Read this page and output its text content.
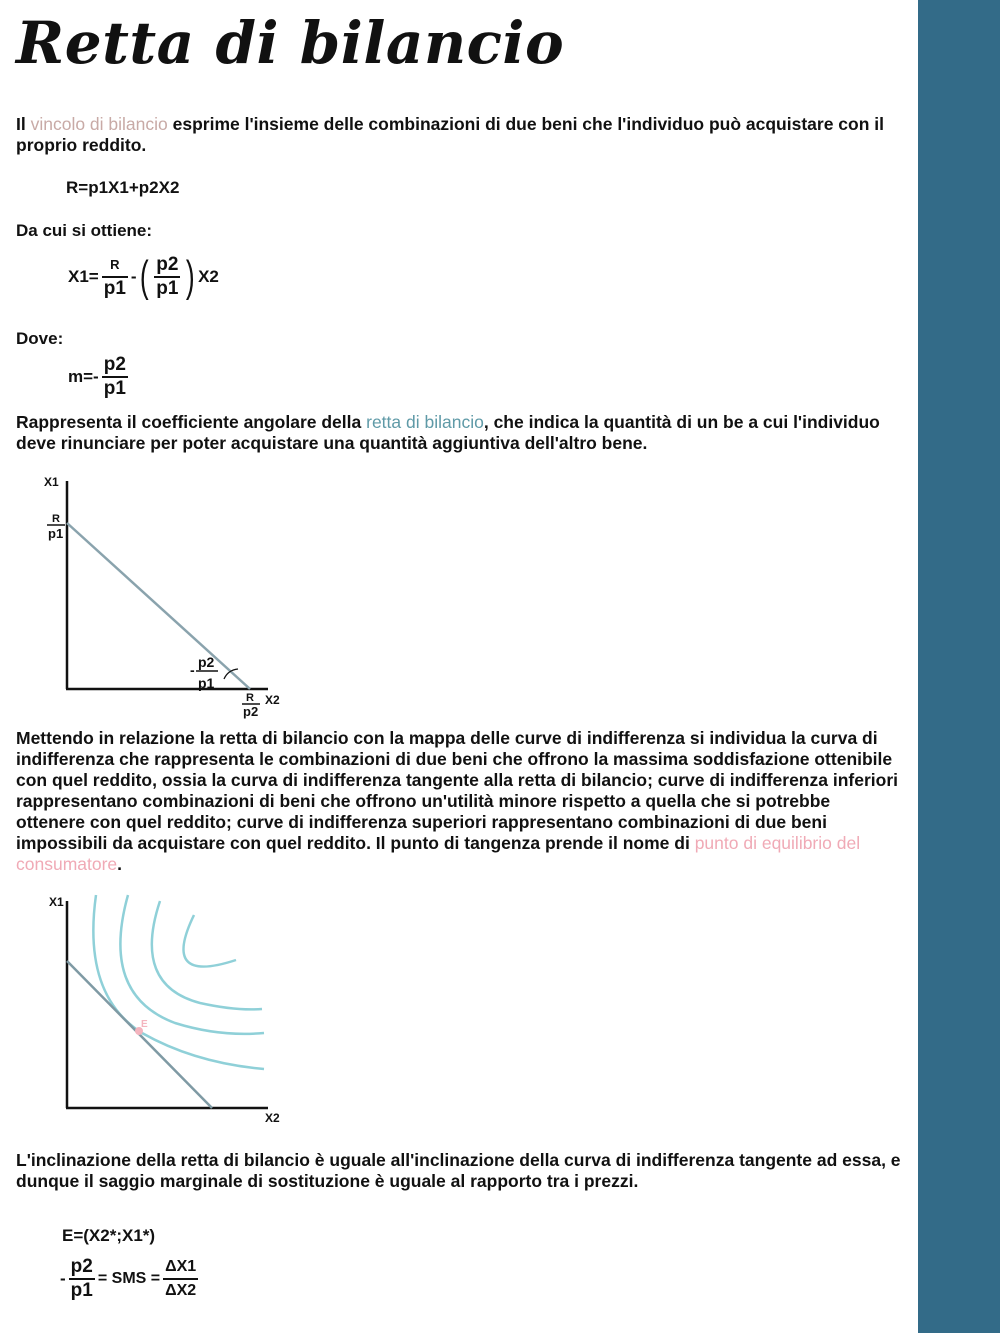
Retta di bilancio

Il vincolo di bilancio esprime l'insieme delle combinazioni di due beni che l'individuo può acquistare con il proprio reddito.

R=p1X1+p2X2
Da cui si ottiene:
$X1= \frac{R}{p1}$ - ( $\frac{p2}{p1}$ ) X2
Dove:
$m=- \frac{p2}{p1}$

Rappresenta il coefficiente angolare della retta di bilancio, che indica la quantità di un be a cui l'individuo deve rinunciare per poter acquistare una quantità aggiuntiva dell'altro bene.

X1
R
p1
- p2
p1
R
p2
X2

Mettendo in relazione la retta di bilancio con la mappa delle curve di indifferenza si individua la curva di indifferenza che rappresenta le combinazioni di due beni che offrono la massima soddisfazione ottenibile con quel reddito, ossia la curva di indifferenza tangente alla retta di bilancio; curve di indifferenza inferiori rappresentano combinazioni di beni che offrono un'utilità minore rispetto a quella che si potrebbe ottenere con quel reddito; curve di indifferenza superiori rappresentano combinazioni di due beni impossibili da acquistare con quel reddito. Il punto di tangenza prende il nome di punto di equilibrio del consumatore.

X1
E
X2

L'inclinazione della retta di bilancio è uguale all'inclinazione della curva di indifferenza tangente ad essa, e dunque il saggio marginale di sostituzione è uguale al rapporto tra i prezzi.

E=(X2*;X1*)
- $\frac{p2}{p1}$ = SMS = $\frac{\Delta X1}{\Delta X2}$
